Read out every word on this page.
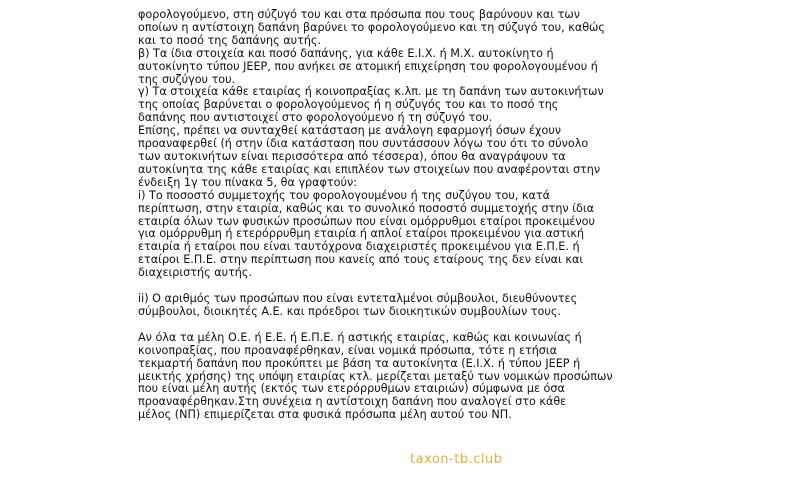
φορολογούμενο, στη σύζυγό του και στα πρόσωπα που τους βαρύνουν και των
οποίων η αντίστοιχη δαπάνη βαρύνει το φορολογούμενο και τη σύζυγό του, καθώς
και το ποσό της δαπάνης αυτής.
β) Τα ίδια στοιχεία και ποσό δαπάνης, για κάθε Ε.Ι.Χ. ή Μ.Χ. αυτοκίνητο ή
αυτοκίνητο τύπου JEEP, που ανήκει σε ατομική επιχείρηση του φορολογουμένου ή
της συζύγου του.
γ) Τα στοιχεία κάθε εταιρίας ή κοινοπραξίας κ.λπ. με τη δαπάνη των αυτοκινήτων
της οποίας βαρύνεται ο φορολογούμενος ή η σύζυγός του και το ποσό της
δαπάνης που αντιστοιχεί στο φορολογούμενο ή τη σύζυγό του.
Επίσης, πρέπει να συνταχθεί κατάσταση με ανάλογη εφαρμογή όσων έχουν
προαναφερθεί (ή στην ίδια κατάσταση που συντάσσουν λόγω του ότι το σύνολο
των αυτοκινήτων είναι περισσότερα από τέσσερα), όπου θα αναγράψουν τα
αυτοκίνητα της κάθε εταιρίας και επιπλέον των στοιχείων που αναφέρονται στην
ένδειξη 1γ του πίνακα 5, θα γραφτούν:
i) Το ποσοστό συμμετοχής του φορολογουμένου ή της συζύγου του, κατά
περίπτωση, στην εταιρία, καθώς και το συνολικό ποσοστό συμμετοχής στην ίδια
εταιρία όλων των φυσικών προσώπων που είναι ομόρρυθμοι εταίροι προκειμένου
για ομόρρυθμη ή ετερόρρυθμη εταιρία ή απλοί εταίροι προκειμένου για αστική
εταιρία ή εταίροι που είναι ταυτόχρονα διαχειριστές προκειμένου για Ε.Π.Ε. ή
εταίροι Ε.Π.Ε. στην περίπτωση που κανείς από τους εταίρους της δεν είναι και
διαχειριστής αυτής.
ii) Ο αριθμός των προσώπων που είναι εντεταλμένοι σύμβουλοι, διευθύνοντες
σύμβουλοι, διοικητές Α.Ε. και πρόεδροι των διοικητικών συμβουλίων τους.
Αν όλα τα μέλη Ο.Ε. ή Ε.Ε. ή Ε.Π.Ε. ή αστικής εταιρίας, καθώς και κοινωνίας ή
κοινοπραξίας, που προαναφέρθηκαν, είναι νομικά πρόσωπα, τότε η ετήσια
τεκμαρτή δαπάνη που προκύπτει με βάση τα αυτοκίνητα (Ε.Ι.Χ. ή τύπου JEEP ή
μεικτής χρήσης) της υπόψη εταιρίας κτλ. μερίζεται μεταξύ των νομικών προσώπων
που είναι μέλη αυτής (εκτός των ετερόρρυθμων εταιριών) σύμφωνα με όσα
προαναφέρθηκαν.Στη συνέχεια η αντίστοιχη δαπάνη που αναλογεί στο κάθε
μέλος (ΝΠ) επιμερίζεται στα φυσικά πρόσωπα μέλη αυτού του ΝΠ.
taxon-tb.club
